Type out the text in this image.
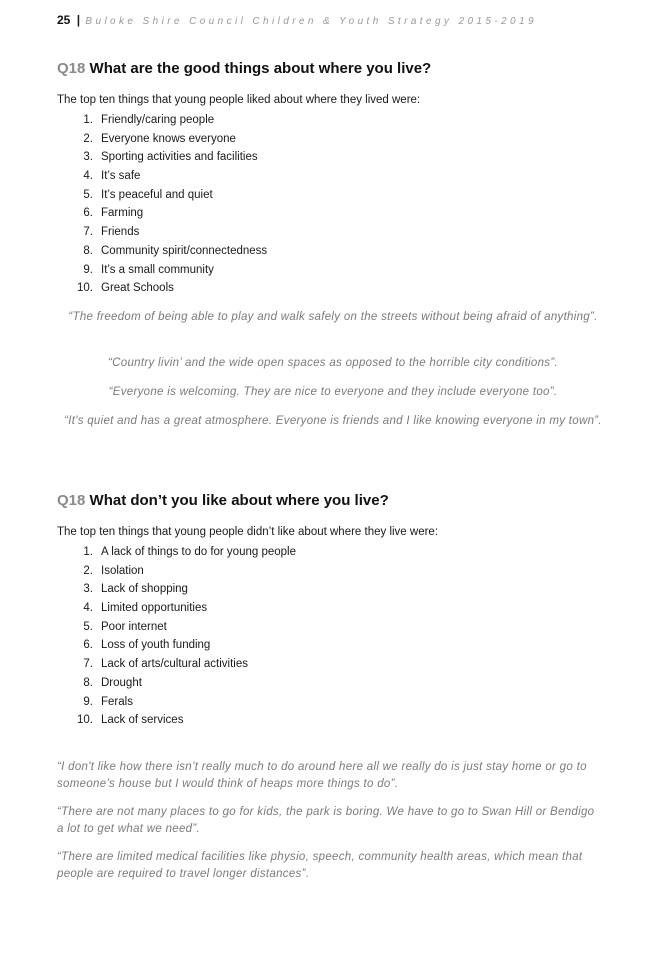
25 | Buloke Shire Council Children & Youth Strategy 2015-2019
Q18 What are the good things about where you live?

The top ten things that young people liked about where they lived were:

1. Friendly/caring people
2. Everyone knows everyone
3. Sporting activities and facilities
4. It’s safe
5. It’s peaceful and quiet
6. Farming
7. Friends
8. Community spirit/connectedness
9. It’s a small community
10. Great Schools

“The freedom of being able to play and walk safely on the streets without being afraid of anything”.

“Country livin’ and the wide open spaces as opposed to the horrible city conditions”.

“Everyone is welcoming. They are nice to everyone and they include everyone too”.

“It's quiet and has a great atmosphere. Everyone is friends and I like knowing everyone in my town”.

Q18 What don’t you like about where you live?

The top ten things that young people didn’t like about where they live were:

1. A lack of things to do for young people
2. Isolation
3. Lack of shopping
4. Limited opportunities
5. Poor internet
6. Loss of youth funding
7. Lack of arts/cultural activities
8. Drought
9. Ferals
10. Lack of services

“I don't like how there isn’t really much to do around here all we really do is just stay home or go to someone’s house but I would think of heaps more things to do”.

“There are not many places to go for kids, the park is boring. We have to go to Swan Hill or Bendigo a lot to get what we need”.

“There are limited medical facilities like physio, speech, community health areas, which mean that people are required to travel longer distances”.
